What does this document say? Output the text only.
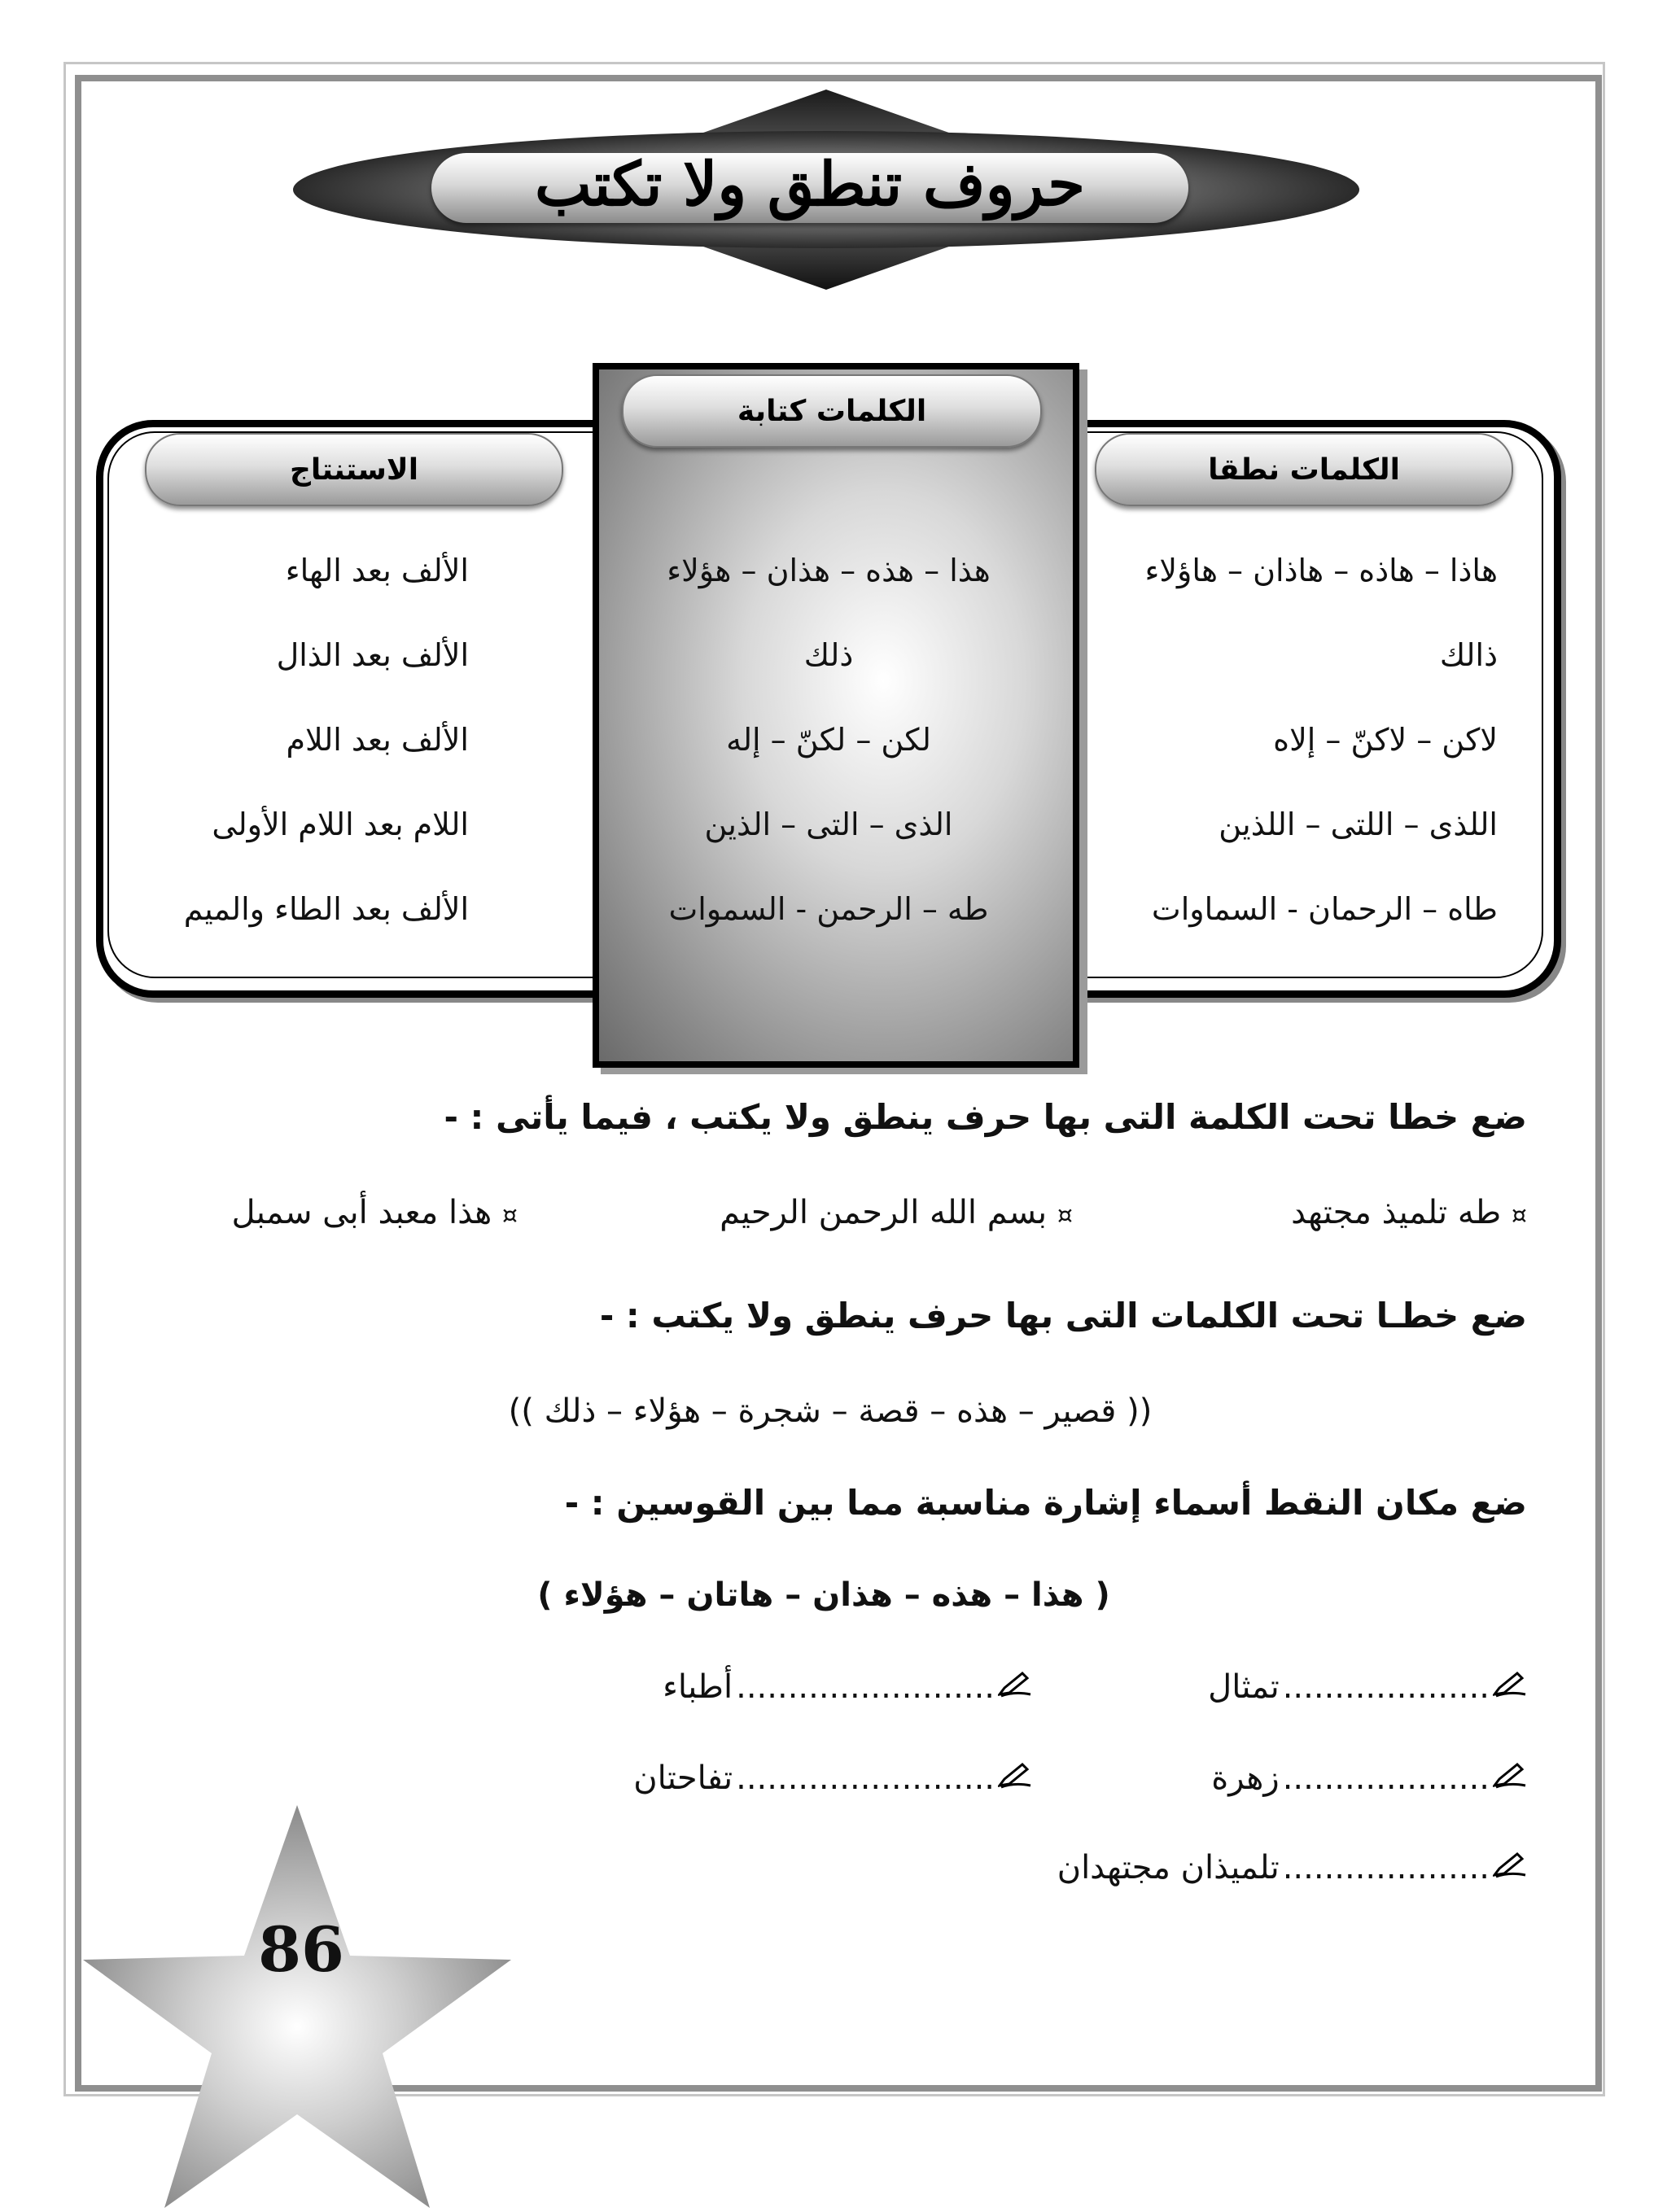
حروف تنطق ولا تكتب
الكلمات نطقا
الكلمات كتابة
الاستنتاج
هاذا – هاذه – هاذان – هاؤلاء
ذالك
لاكن – لاكنّ – إلاه
اللذى – اللتى – اللذين
طاه – الرحمان - السماوات
هذا – هذه – هذان – هؤلاء
ذلك
لكن – لكنّ – إله
الذى – التى – الذين
طه – الرحمن - السموات
الألف بعد الهاء
الألف بعد الذال
الألف بعد اللام
اللام بعد اللام الأولى
الألف بعد الطاء والميم
ضع خطا تحت الكلمة التى بها حرف ينطق ولا يكتب ، فيما يأتى : -
¤ طه تلميذ مجتهد
¤ بسم الله الرحمن الرحيم
¤ هذا معبد أبى سمبل
ضع خطـا تحت الكلمات التى بها حرف ينطق ولا يكتب : -
(( قصير – هذه – قصة – شجرة – هؤلاء – ذلك ))
ضع مكان النقط أسماء إشارة مناسبة مما بين القوسين : -
( هذا – هذه – هذان – هاتان – هؤلاء )
....................
تمثال
.........................
أطباء
....................
زهرة
.........................
تفاحتان
....................
تلميذان مجتهدان
86
